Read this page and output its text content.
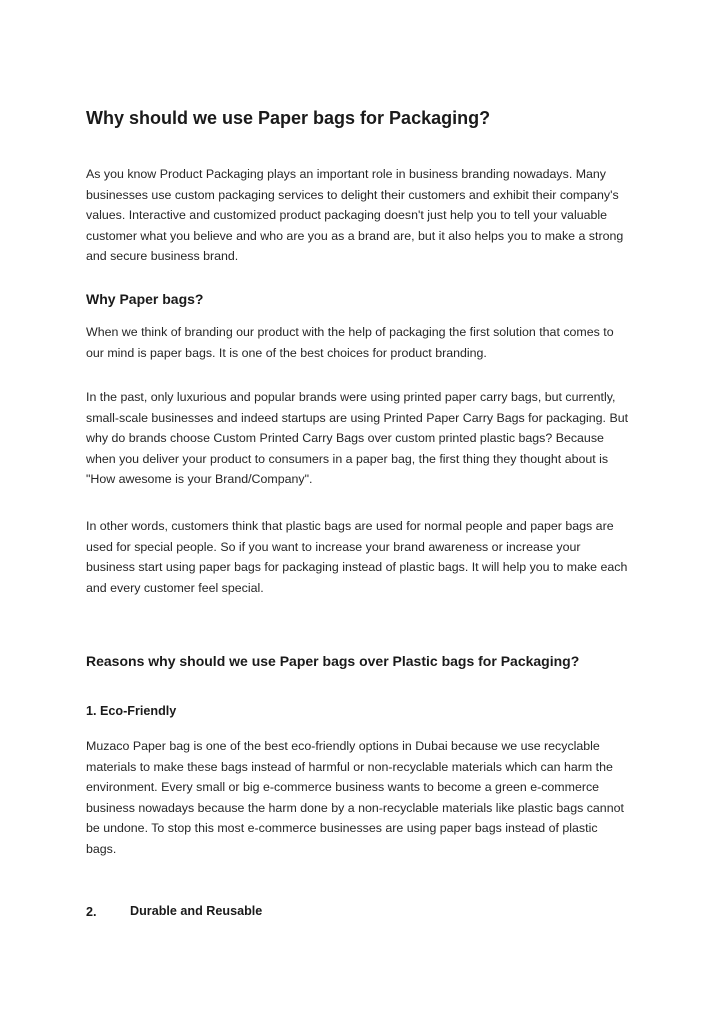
Why should we use Paper bags for Packaging?

As you know Product Packaging plays an important role in business branding nowadays. Many businesses use custom packaging services to delight their customers and exhibit their company's values. Interactive and customized product packaging doesn't just help you to tell your valuable customer what you believe and who are you as a brand are, but it also helps you to make a strong and secure business brand.

Why Paper bags?

When we think of branding our product with the help of packaging the first solution that comes to our mind is paper bags. It is one of the best choices for product branding.

In the past, only luxurious and popular brands were using printed paper carry bags, but currently, small-scale businesses and indeed startups are using Printed Paper Carry Bags for packaging. But why do brands choose Custom Printed Carry Bags over custom printed plastic bags? Because when you deliver your product to consumers in a paper bag, the first thing they thought about is "How awesome is your Brand/Company".

In other words, customers think that plastic bags are used for normal people and paper bags are used for special people. So if you want to increase your brand awareness or increase your business start using paper bags for packaging instead of plastic bags. It will help you to make each and every customer feel special.

Reasons why should we use Paper bags over Plastic bags for Packaging?
1. Eco-Friendly

Muzaco Paper bag is one of the best eco-friendly options in Dubai because we use recyclable materials to make these bags instead of harmful or non-recyclable materials which can harm the environment. Every small or big e-commerce business wants to become a green e-commerce business nowadays because the harm done by a non-recyclable materials like plastic bags cannot be undone. To stop this most e-commerce businesses are using paper bags instead of plastic bags.

2.	Durable and Reusable
